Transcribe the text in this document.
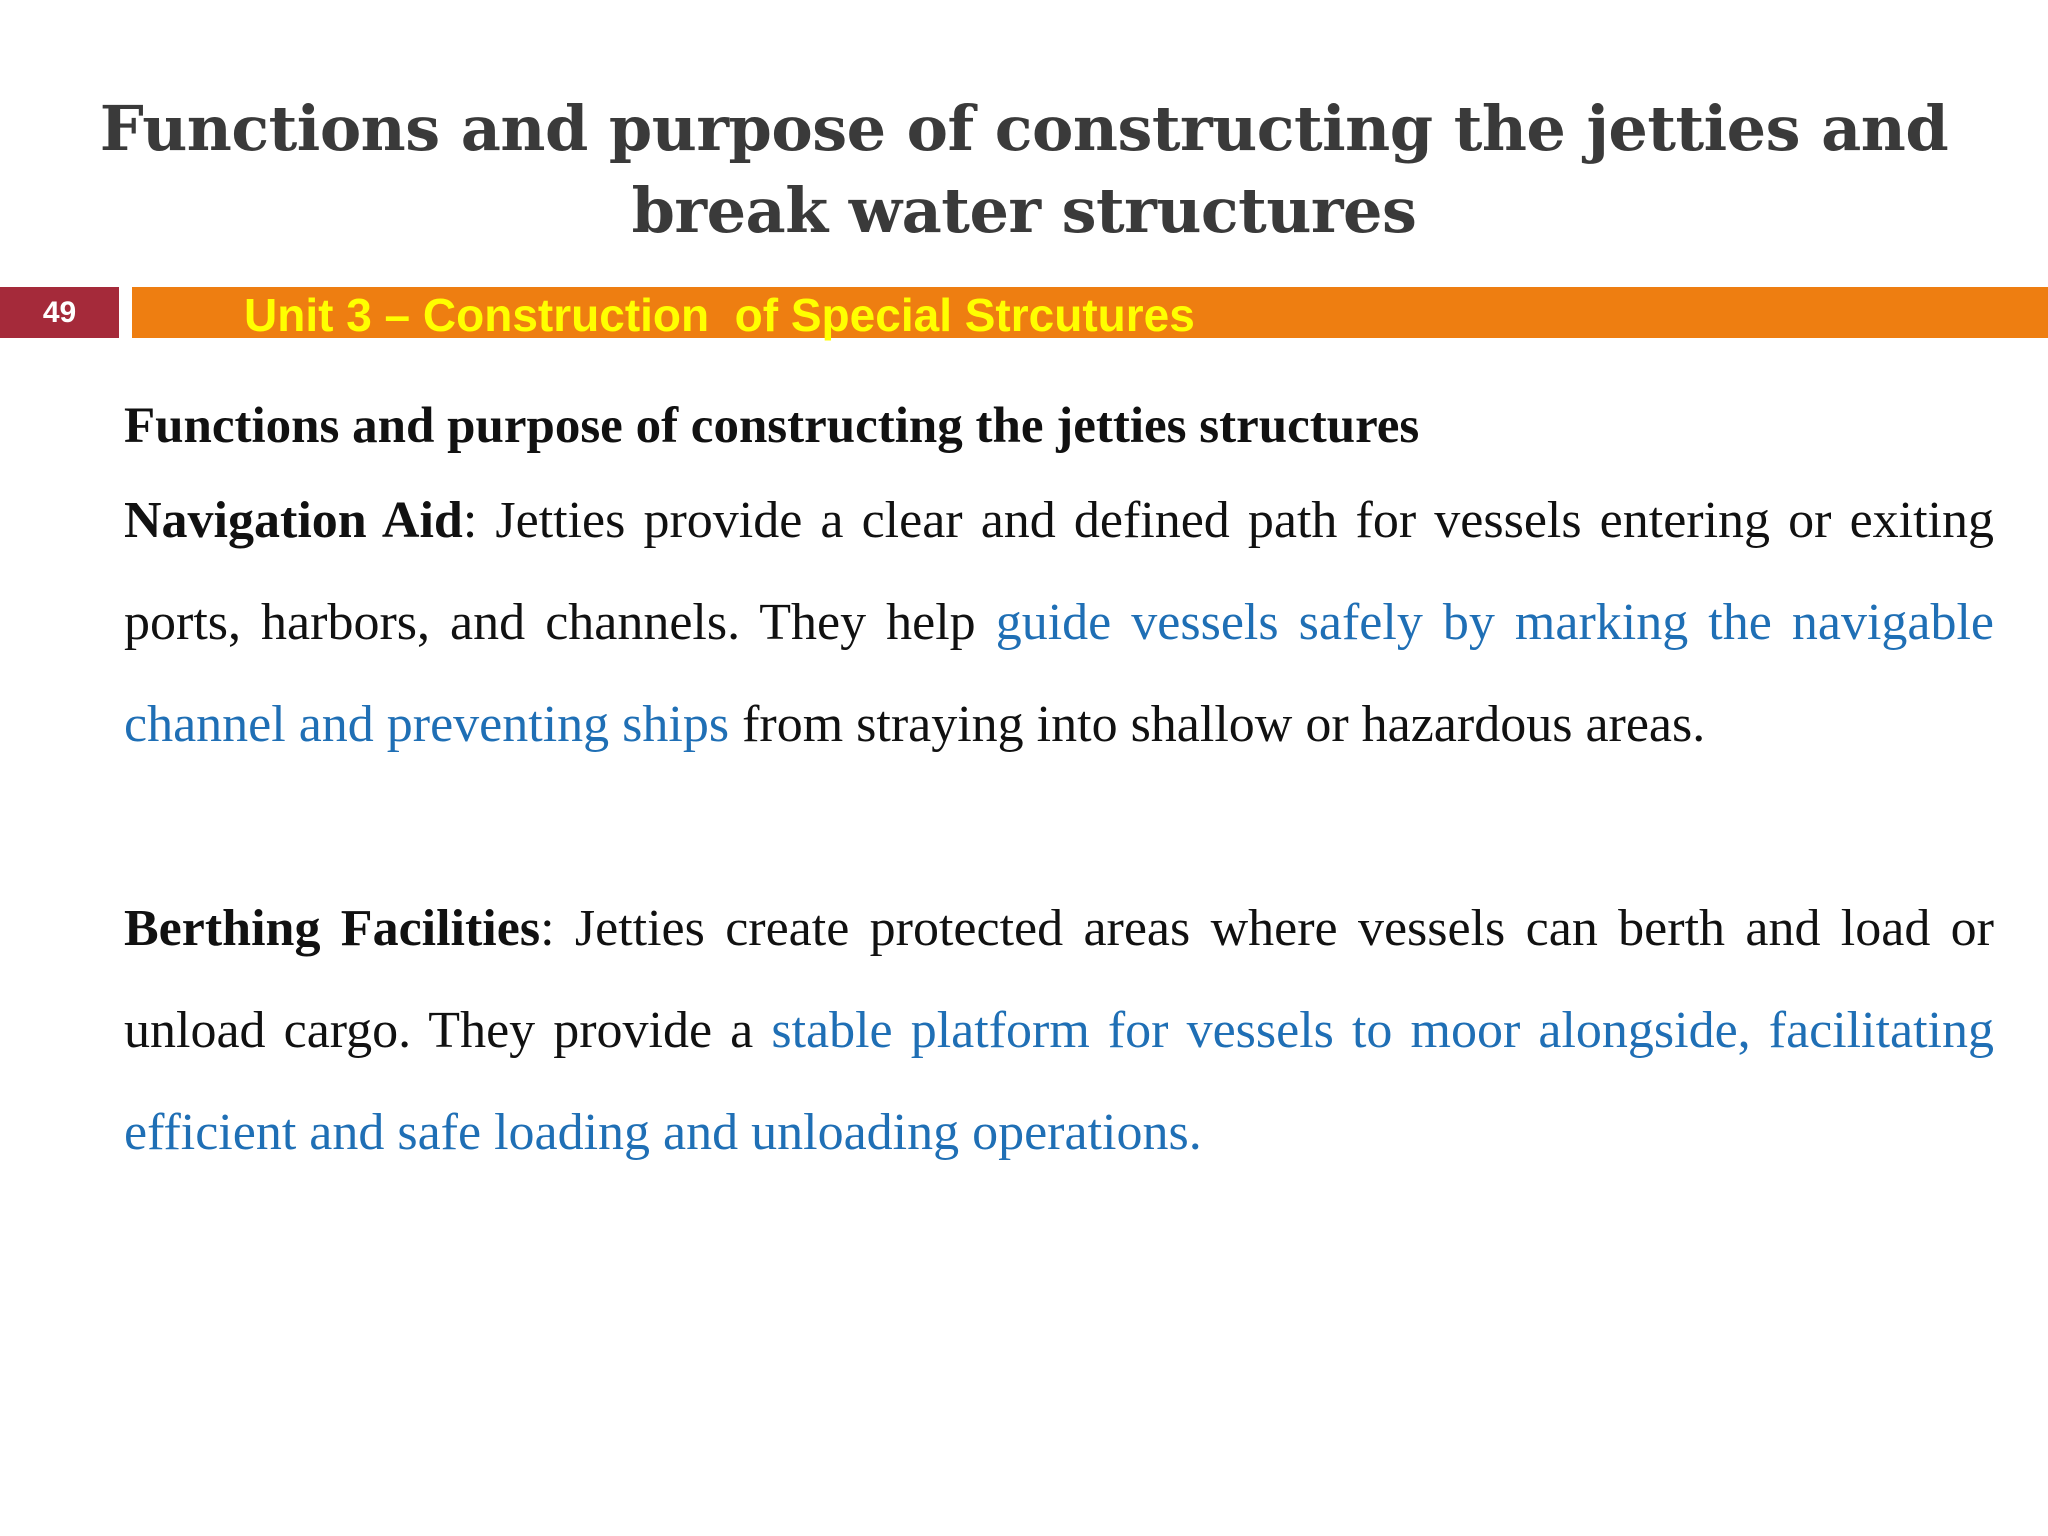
Functions and purpose of constructing the jetties and
break water structures
49	Unit 3 – Construction  of Special Strcutures
Functions and purpose of constructing the jetties structures

Navigation Aid: Jetties provide a clear and defined path for vessels entering or exiting ports, harbors, and channels. They help guide vessels safely by marking the navigable channel and preventing ships from straying into shallow or hazardous areas.

Berthing Facilities: Jetties create protected areas where vessels can berth and load or unload cargo. They provide a stable platform for vessels to moor alongside, facilitating efficient and safe loading and unloading operations.
